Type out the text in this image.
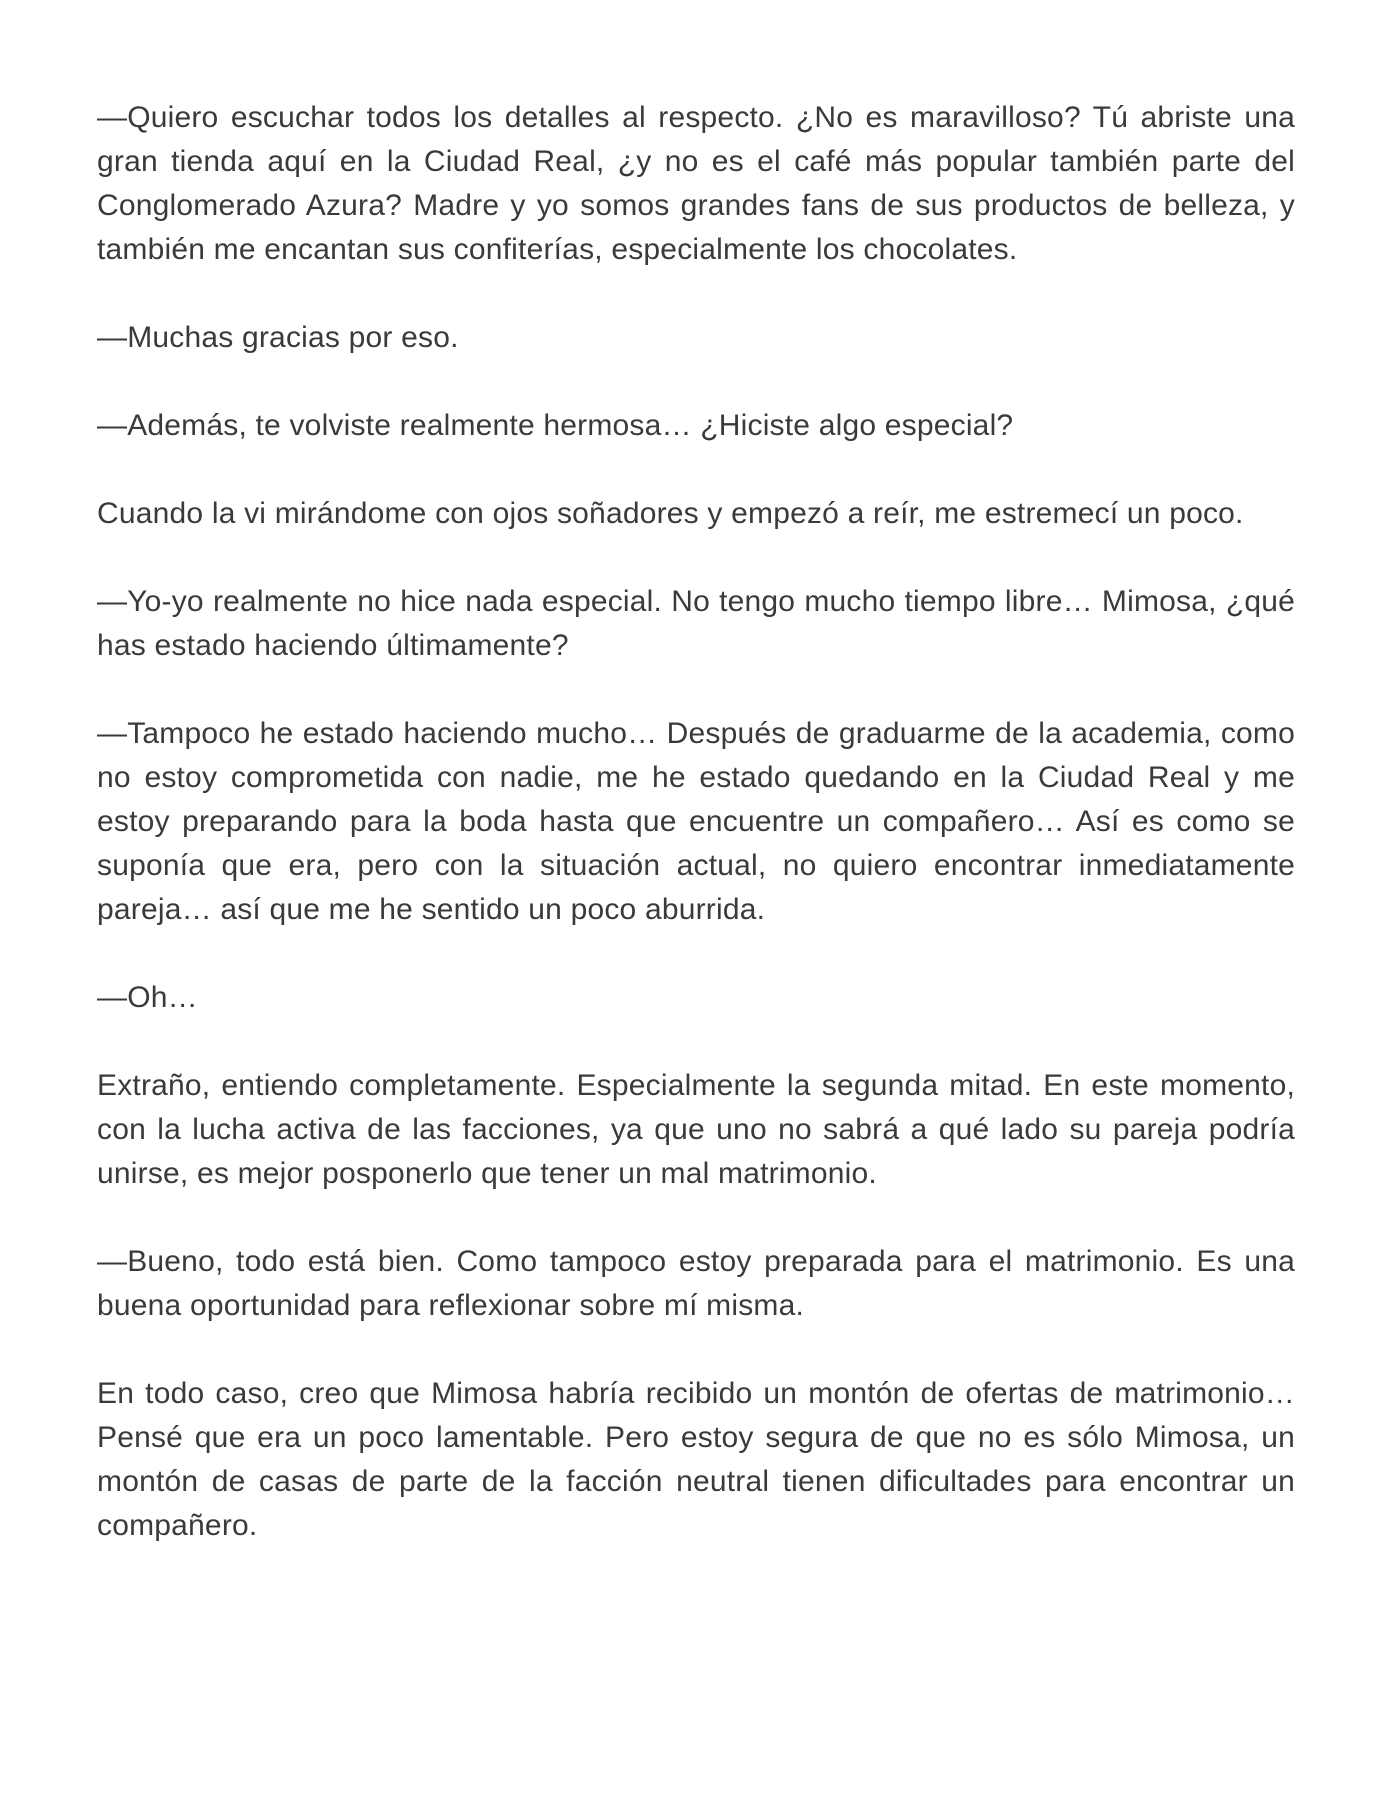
—Quiero escuchar todos los detalles al respecto. ¿No es maravilloso? Tú abriste una gran tienda aquí en la Ciudad Real, ¿y no es el café más popular también parte del Conglomerado Azura? Madre y yo somos grandes fans de sus productos de belleza, y también me encantan sus confiterías, especialmente los chocolates.

—Muchas gracias por eso.

—Además, te volviste realmente hermosa… ¿Hiciste algo especial?

Cuando la vi mirándome con ojos soñadores y empezó a reír, me estremecí un poco.

—Yo-yo realmente no hice nada especial. No tengo mucho tiempo libre… Mimosa, ¿qué has estado haciendo últimamente?

—Tampoco he estado haciendo mucho… Después de graduarme de la academia, como no estoy comprometida con nadie, me he estado quedando en la Ciudad Real y me estoy preparando para la boda hasta que encuentre un compañero… Así es como se suponía que era, pero con la situación actual, no quiero encontrar inmediatamente pareja… así que me he sentido un poco aburrida.

—Oh…

Extraño, entiendo completamente. Especialmente la segunda mitad. En este momento, con la lucha activa de las facciones, ya que uno no sabrá a qué lado su pareja podría unirse, es mejor posponerlo que tener un mal matrimonio.

—Bueno, todo está bien. Como tampoco estoy preparada para el matrimonio. Es una buena oportunidad para reflexionar sobre mí misma.

En todo caso, creo que Mimosa habría recibido un montón de ofertas de matrimonio… Pensé que era un poco lamentable. Pero estoy segura de que no es sólo Mimosa, un montón de casas de parte de la facción neutral tienen dificultades para encontrar un compañero.
